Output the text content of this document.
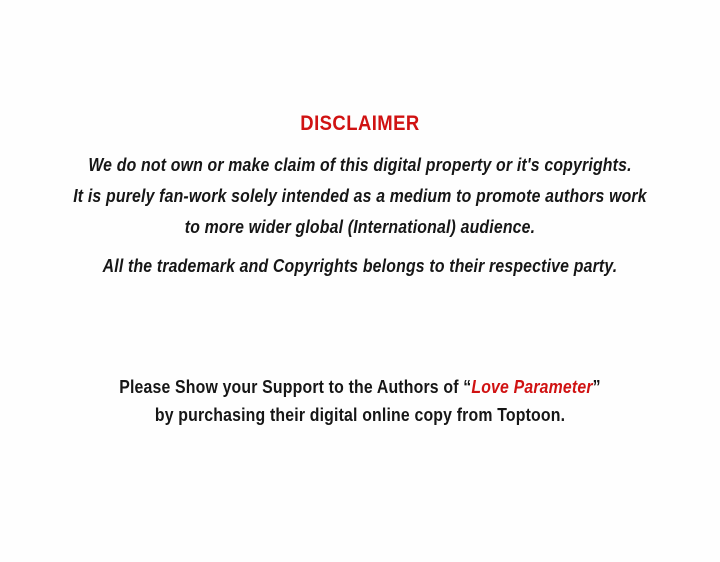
DISCLAIMER
We do not own or make claim of this digital property or it's copyrights.
It is purely fan-work solely intended as a medium to promote authors work
to more wider global (International) audience.
All the trademark and Copyrights belongs to their respective party.
Please Show your Support to the Authors of “Love Parameter”
by purchasing their digital online copy from Toptoon.
